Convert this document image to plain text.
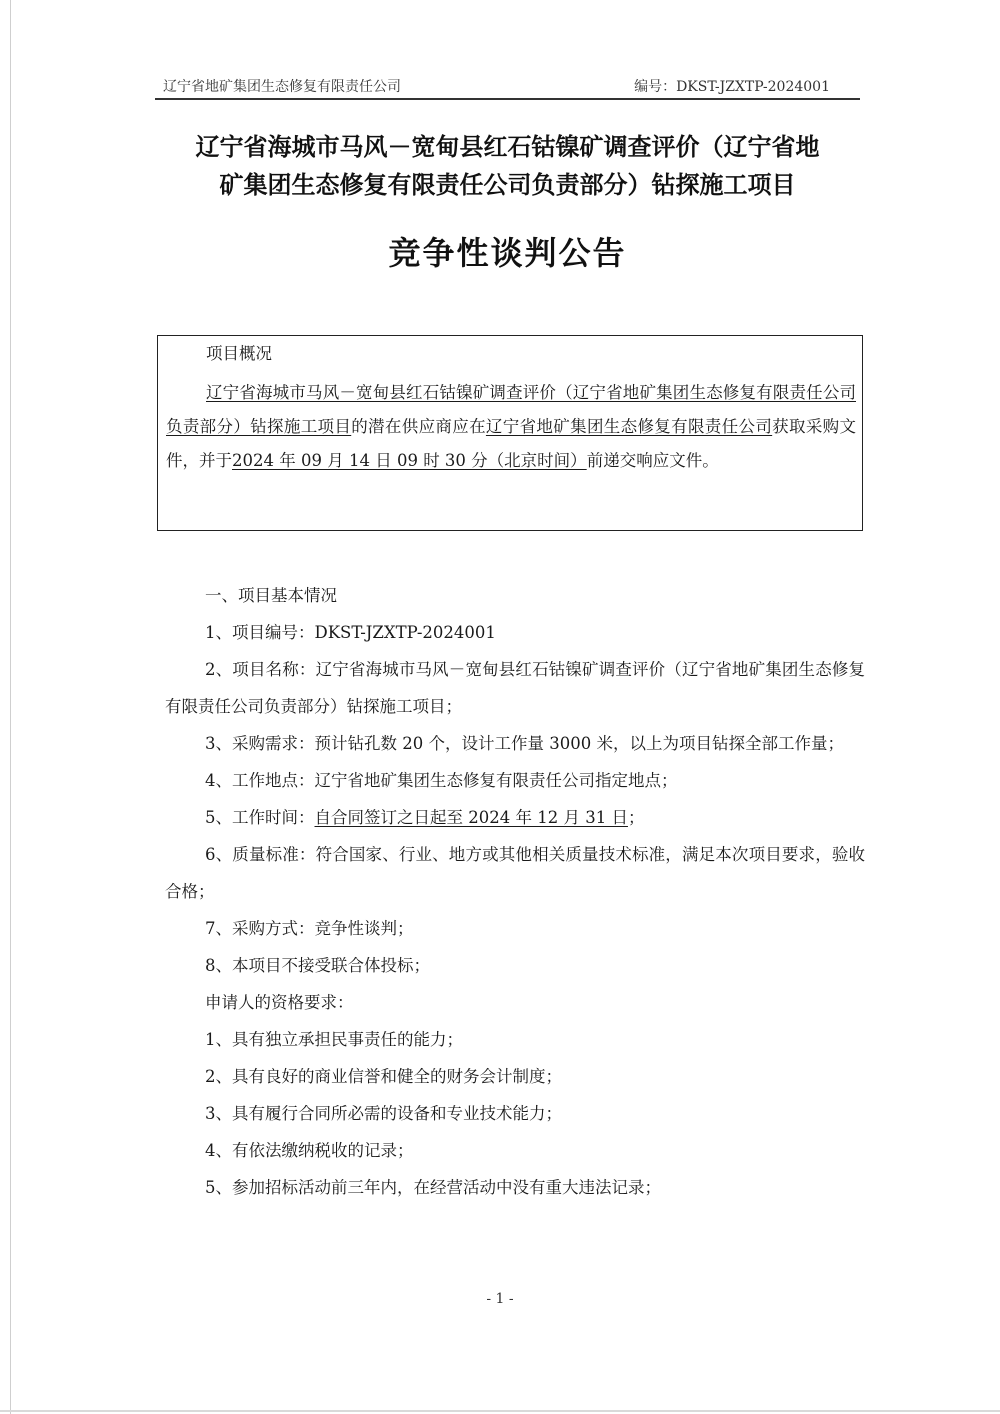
辽宁省地矿集团生态修复有限责任公司	编号：DKST-JZXTP-2024001
辽宁省海城市马风－宽甸县红石钴镍矿调查评价（辽宁省地
矿集团生态修复有限责任公司负责部分）钻探施工项目
竞争性谈判公告
项目概况
辽宁省海城市马风－宽甸县红石钴镍矿调查评价（辽宁省地矿集团生态修复有限责任公司负责部分）钻探施工项目的潜在供应商应在辽宁省地矿集团生态修复有限责任公司获取采购文件，并于2024 年 09 月 14 日 09 时 30 分（北京时间）前递交响应文件。

一、项目基本情况

1、项目编号：DKST-JZXTP-2024001

2、项目名称：辽宁省海城市马风－宽甸县红石钴镍矿调查评价（辽宁省地矿集团生态修复有限责任公司负责部分）钻探施工项目；

3、采购需求：预计钻孔数 20 个，设计工作量 3000 米，以上为项目钻探全部工作量；

4、工作地点：辽宁省地矿集团生态修复有限责任公司指定地点；

5、工作时间：自合同签订之日起至 2024 年 12 月 31 日；

6、质量标准：符合国家、行业、地方或其他相关质量技术标准，满足本次项目要求，验收合格；

7、采购方式：竞争性谈判；

8、本项目不接受联合体投标；

申请人的资格要求：

1、具有独立承担民事责任的能力；

2、具有良好的商业信誉和健全的财务会计制度；

3、具有履行合同所必需的设备和专业技术能力；

4、有依法缴纳税收的记录；

5、参加招标活动前三年内，在经营活动中没有重大违法记录；

- 1 -
